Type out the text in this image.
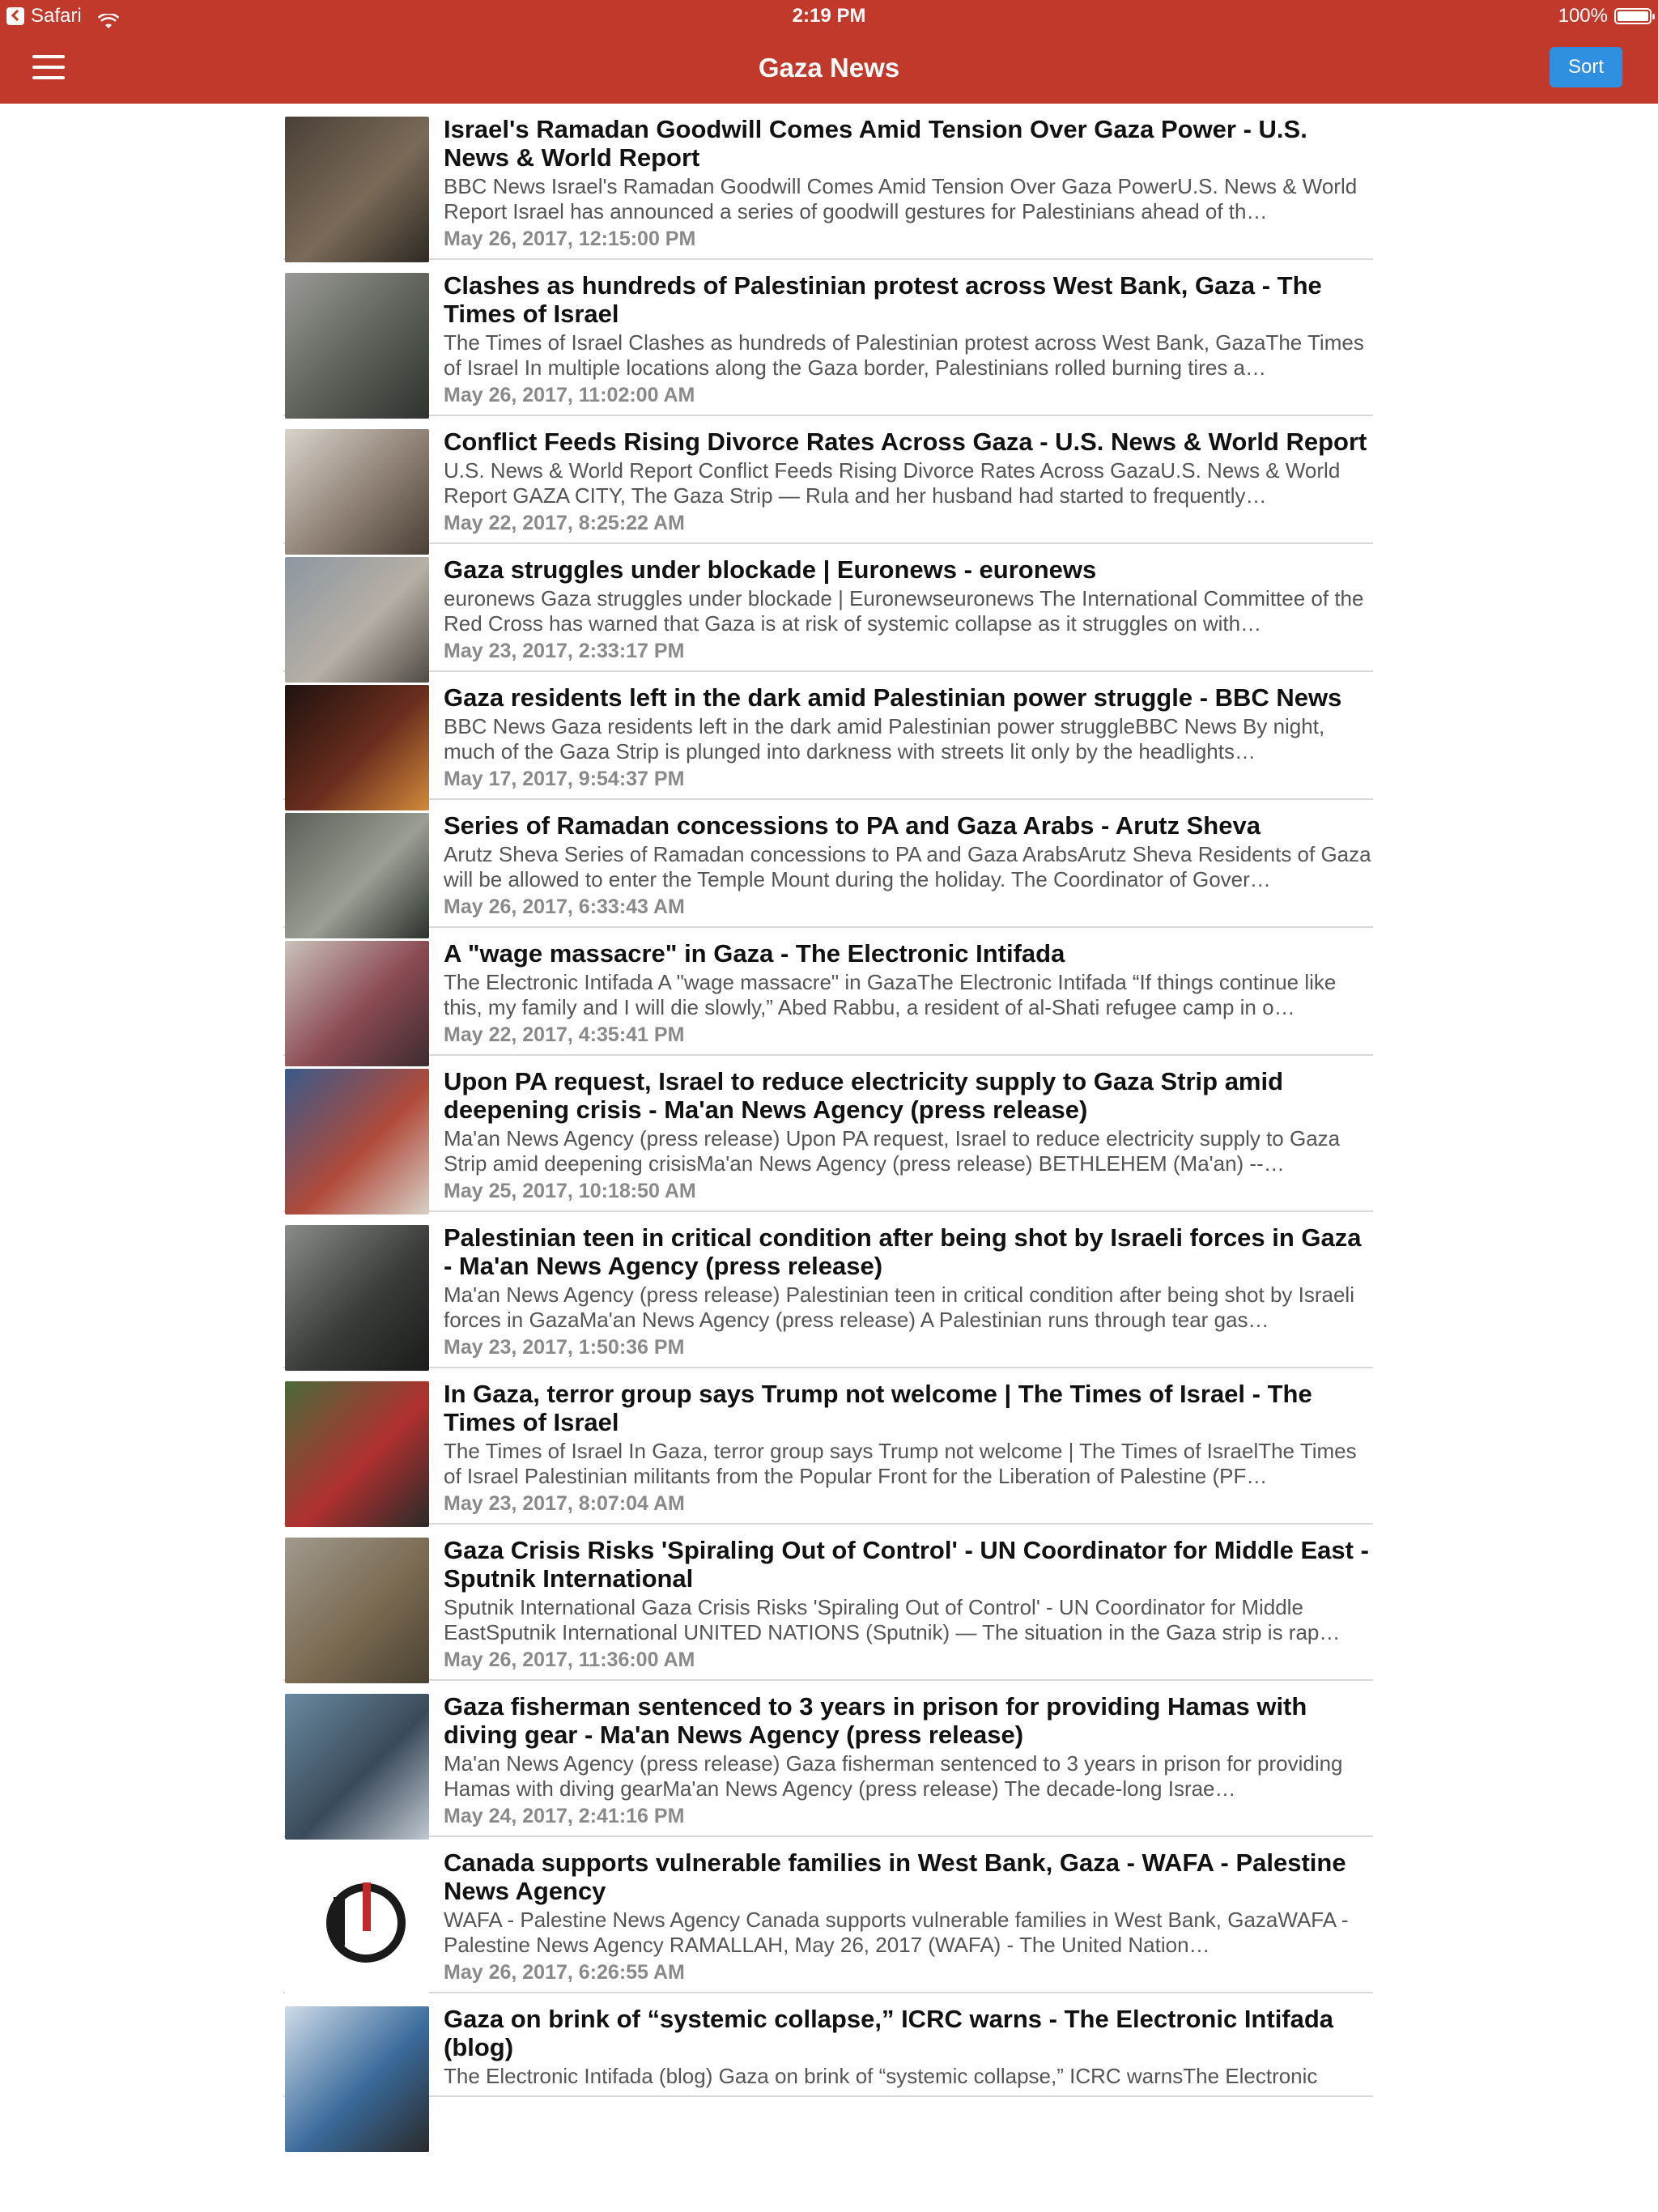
Safari	2:19 PM	100%
Gaza News	Sort
Israel's Ramadan Goodwill Comes Amid Tension Over Gaza Power - U.S. News & World Report
BBC News Israel's Ramadan Goodwill Comes Amid Tension Over Gaza PowerU.S. News & World Report Israel has announced a series of goodwill gestures for Palestinians ahead of th…
May 26, 2017, 12:15:00 PM
Clashes as hundreds of Palestinian protest across West Bank, Gaza - The Times of Israel
The Times of Israel Clashes as hundreds of Palestinian protest across West Bank, GazaThe Times of Israel In multiple locations along the Gaza border, Palestinians rolled burning tires a…
May 26, 2017, 11:02:00 AM
Conflict Feeds Rising Divorce Rates Across Gaza - U.S. News & World Report
U.S. News & World Report Conflict Feeds Rising Divorce Rates Across GazaU.S. News & World Report GAZA CITY, The Gaza Strip — Rula and her husband had started to frequently…
May 22, 2017, 8:25:22 AM
Gaza struggles under blockade | Euronews - euronews
euronews Gaza struggles under blockade | Euronewseuronews The International Committee of the Red Cross has warned that Gaza is at risk of systemic collapse as it struggles on with…
May 23, 2017, 2:33:17 PM
Gaza residents left in the dark amid Palestinian power struggle - BBC News
BBC News Gaza residents left in the dark amid Palestinian power struggleBBC News By night, much of the Gaza Strip is plunged into darkness with streets lit only by the headlights…
May 17, 2017, 9:54:37 PM
Series of Ramadan concessions to PA and Gaza Arabs - Arutz Sheva
Arutz Sheva Series of Ramadan concessions to PA and Gaza ArabsArutz Sheva Residents of Gaza will be allowed to enter the Temple Mount during the holiday. The Coordinator of Gover…
May 26, 2017, 6:33:43 AM
A "wage massacre" in Gaza - The Electronic Intifada
The Electronic Intifada A "wage massacre" in GazaThe Electronic Intifada “If things continue like this, my family and I will die slowly,” Abed Rabbu, a resident of al-Shati refugee camp in o…
May 22, 2017, 4:35:41 PM
Upon PA request, Israel to reduce electricity supply to Gaza Strip amid deepening crisis - Ma'an News Agency (press release)
Ma'an News Agency (press release) Upon PA request, Israel to reduce electricity supply to Gaza Strip amid deepening crisisMa'an News Agency (press release) BETHLEHEM (Ma'an) --…
May 25, 2017, 10:18:50 AM
Palestinian teen in critical condition after being shot by Israeli forces in Gaza - Ma'an News Agency (press release)
Ma'an News Agency (press release) Palestinian teen in critical condition after being shot by Israeli forces in GazaMa'an News Agency (press release) A Palestinian runs through tear gas…
May 23, 2017, 1:50:36 PM
In Gaza, terror group says Trump not welcome | The Times of Israel - The Times of Israel
The Times of Israel In Gaza, terror group says Trump not welcome | The Times of IsraelThe Times of Israel Palestinian militants from the Popular Front for the Liberation of Palestine (PF…
May 23, 2017, 8:07:04 AM
Gaza Crisis Risks 'Spiraling Out of Control' - UN Coordinator for Middle East - Sputnik International
Sputnik International Gaza Crisis Risks 'Spiraling Out of Control' - UN Coordinator for Middle EastSputnik International UNITED NATIONS (Sputnik) — The situation in the Gaza strip is rap…
May 26, 2017, 11:36:00 AM
Gaza fisherman sentenced to 3 years in prison for providing Hamas with diving gear - Ma'an News Agency (press release)
Ma'an News Agency (press release) Gaza fisherman sentenced to 3 years in prison for providing Hamas with diving gearMa'an News Agency (press release) The decade-long Israe…
May 24, 2017, 2:41:16 PM
Canada supports vulnerable families in West Bank, Gaza - WAFA - Palestine News Agency
WAFA - Palestine News Agency Canada supports vulnerable families in West Bank, GazaWAFA - Palestine News Agency RAMALLAH, May 26, 2017 (WAFA) - The United Nation…
May 26, 2017, 6:26:55 AM
Gaza on brink of “systemic collapse,” ICRC warns - The Electronic Intifada (blog)
The Electronic Intifada (blog) Gaza on brink of “systemic collapse,” ICRC warnsThe Electronic
